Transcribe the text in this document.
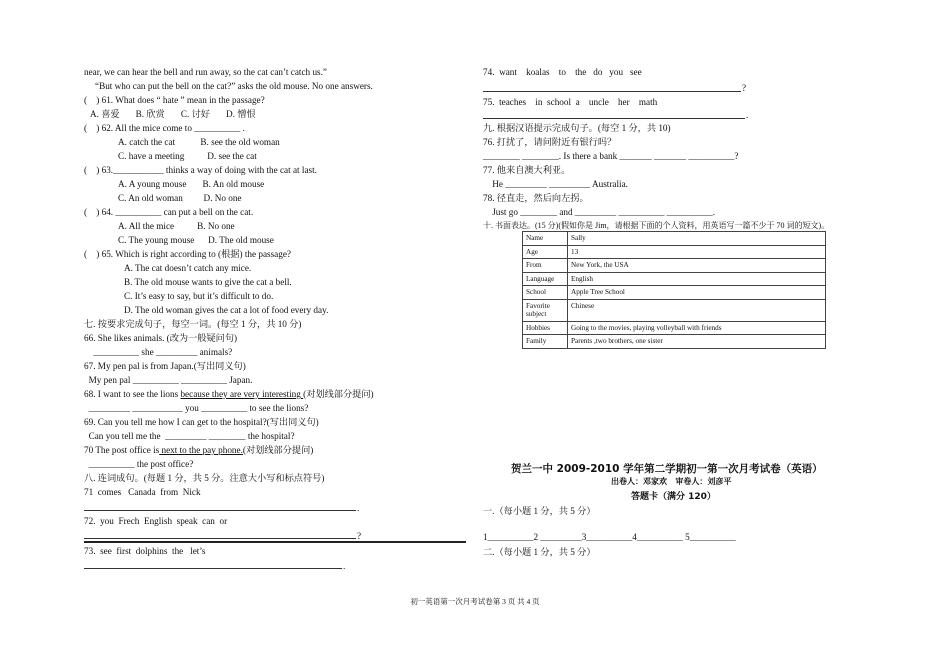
near, we can hear the bell and run away, so the cat can’t catch us.”
“But who can put the bell on the cat?” asks the old mouse. No one answers.
(    ) 61. What does “ hate ” mean in the passage?
A. 喜爱       B. 欣赏       C. 讨好       D. 憎恨
(    ) 62. All the mice come to __________ .
A. catch the cat           B. see the old woman
C. have a meeting          D. see the cat
(    ) 63.___________ thinks a way of doing with the cat at last.
A. A young mouse       B. An old mouse
C. An old woman         D. No one
(    ) 64. __________ can put a bell on the cat.
A. All the mice          B. No one
C. The young mouse      D. The old mouse
(    ) 65. Which is right according to (根据) the passage?
A. The cat doesn’t catch any mice.
B. The old mouse wants to give the cat a bell.
C. It’s easy to say, but it’s difficult to do.
D. The old woman gives the cat a lot of food every day.
七. 按要求完成句子，每空一词。(每空 1 分，共 10 分)
66. She likes animals. (改为一般疑问句)
__________ she _________ animals?
67. My pen pal is from Japan.(写出同义句)
My pen pal __________ __________ Japan.
68. I want to see the lions because they are very interesting (对划线部分提问)
_________ ___________ you __________ to see the lions?
69. Can you tell me how I can get to the hospital?(写出同义句)
Can you tell me the  _________ ________ the hospital?
70 The post office is next to the pay phone.(对划线部分提问)
__________ the post office?
八. 连词成句。(每题 1 分，共 5 分。注意大小写和标点符号)
71  comes   Canada  from  Nick
.
72.  you  Frech  English  speak  can  or
?
73.  see  first  dolphins  the   let’s
.
74.  want    koalas    to    the   do   you   see
?
75.  teaches    in  school  a    uncle    her    math
.
九. 根据汉语提示完成句子。(每空 1 分，共 10)
76. 打扰了，请问附近有银行吗？
________ ________. Is there a bank _______ _______ __________?
77. 他来自澳大利亚。
He _________ _________ Australia.
78. 径直走，然后向左拐。
Just go ________ and _________ __________ __________.
十. 书面表达。(15 分)(假如你是 Jim，请根据下面的个人资料，用英语写一篇不少于 70 词的短文)。
Name	Sally
Age	13
From	New York, the USA
Language	English
School	Apple Tree School
Favorite subject	Chinese
Hobbies	Going to the movies, playing volleyball with friends
Family	Parents ,two brothers, one sister
贺兰一中 2009-2010 学年第二学期初一第一次月考试卷（英语）
出卷人：邓家欢   审卷人：刘彦平
答题卡（满分 120）
一.（每小题 1 分，共 5 分）
1__________2 _________3__________4__________ 5__________
二.（每小题 1 分，共 5 分）
初一英语第一次月考试卷第 3 页 共 4 页
